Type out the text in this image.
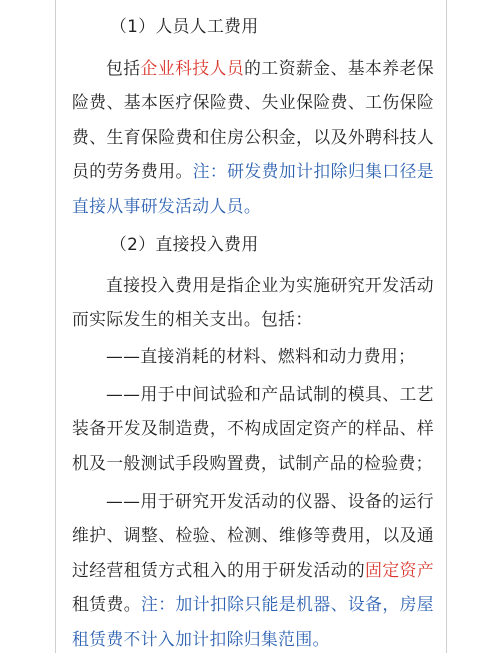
（1）人员人工费用

包括企业科技人员的工资薪金、基本养老保险费、基本医疗保险费、失业保险费、工伤保险费、生育保险费和住房公积金，以及外聘科技人员的劳务费用。注：研发费加计扣除归集口径是直接从事研发活动人员。

（2）直接投入费用

直接投入费用是指企业为实施研究开发活动而实际发生的相关支出。包括：

——直接消耗的材料、燃料和动力费用；

——用于中间试验和产品试制的模具、工艺装备开发及制造费，不构成固定资产的样品、样机及一般测试手段购置费，试制产品的检验费；

——用于研究开发活动的仪器、设备的运行维护、调整、检验、检测、维修等费用，以及通过经营租赁方式租入的用于研发活动的固定资产租赁费。注：加计扣除只能是机器、设备，房屋租赁费不计入加计扣除归集范围。
